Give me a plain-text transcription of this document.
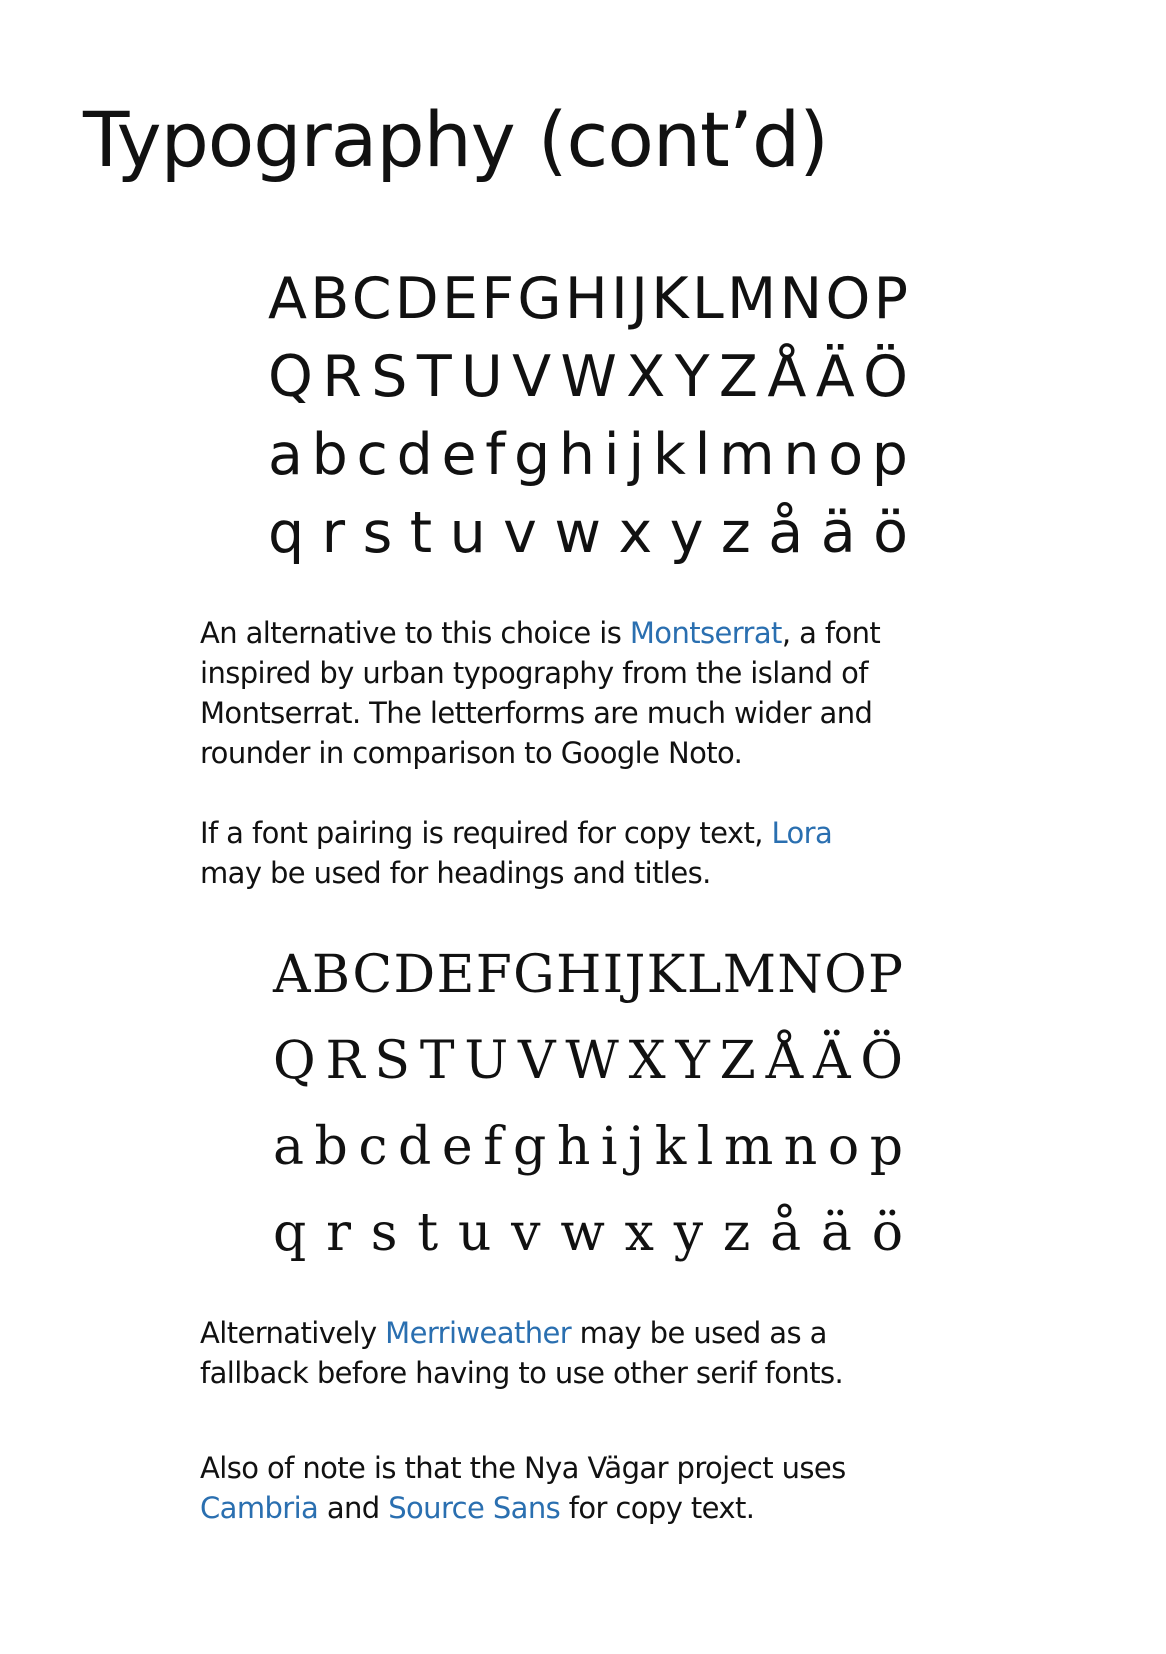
Typography (cont’d)
ABCDEFGHIJKLMNOP
QRSTUVWXYZÅÄÖ
abcdefghijklmnop
qrstuvwxyzåäö

An alternative to this choice is Montserrat, a font
inspired by urban typography from the island of
Montserrat. The letterforms are much wider and
rounder in comparison to Google Noto.

If a font pairing is required for copy text, Lora
may be used for headings and titles.

ABCDEFGHIJKLMNOP
QRSTUVWXYZÅÄÖ
abcdefghijklmnop
qrstuvwxyzåäö

Alternatively Merriweather may be used as a
fallback before having to use other serif fonts.

Also of note is that the Nya Vägar project uses
Cambria and Source Sans for copy text.
